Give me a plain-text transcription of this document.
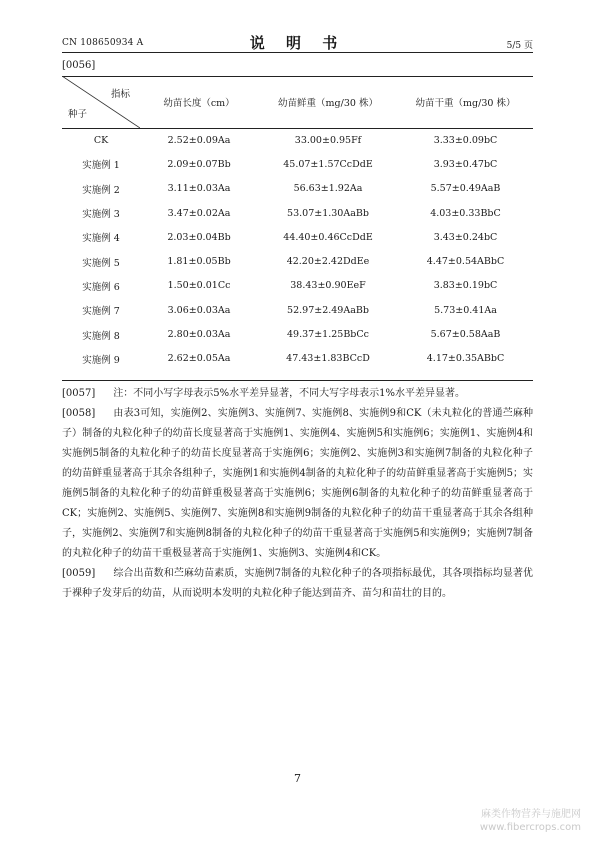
CN 108650934 A	说 明 书	5/5 页
[0056]
指标
种子	幼苗长度（cm）	幼苗鲜重（mg/30 株）	幼苗干重（mg/30 株）
CK	2.52±0.09Aa	33.00±0.95Ff	3.33±0.09bC
实施例 1	2.09±0.07Bb	45.07±1.57CcDdE	3.93±0.47bC
实施例 2	3.11±0.03Aa	56.63±1.92Aa	5.57±0.49AaB
实施例 3	3.47±0.02Aa	53.07±1.30AaBb	4.03±0.33BbC
实施例 4	2.03±0.04Bb	44.40±0.46CcDdE	3.43±0.24bC
实施例 5	1.81±0.05Bb	42.20±2.42DdEe	4.47±0.54ABbC
实施例 6	1.50±0.01Cc	38.43±0.90EeF	3.83±0.19bC
实施例 7	3.06±0.03Aa	52.97±2.49AaBb	5.73±0.41Aa
实施例 8	2.80±0.03Aa	49.37±1.25BbCc	5.67±0.58AaB
实施例 9	2.62±0.05Aa	47.43±1.83BCcD	4.17±0.35ABbC
[0057] 注：不同小写字母表示5%水平差异显著，不同大写字母表示1%水平差异显著。
[0058] 由表3可知，实施例2、实施例3、实施例7、实施例8、实施例9和CK（未丸粒化的普通苎麻种子）制备的丸粒化种子的幼苗长度显著高于实施例1、实施例4、实施例5和实施例6；实施例1、实施例4和实施例5制备的丸粒化种子的幼苗长度显著高于实施例6；实施例2、实施例3和实施例7制备的丸粒化种子的幼苗鲜重显著高于其余各组种子，实施例1和实施例4制备的丸粒化种子的幼苗鲜重显著高于实施例5；实施例5制备的丸粒化种子的幼苗鲜重极显著高于实施例6；实施例6制备的丸粒化种子的幼苗鲜重显著高于CK；实施例2、实施例5、实施例7、实施例8和实施例9制备的丸粒化种子的幼苗干重显著高于其余各组种子，实施例2、实施例7和实施例8制备的丸粒化种子的幼苗干重显著高于实施例5和实施例9；实施例7制备的丸粒化种子的幼苗干重极显著高于实施例1、实施例3、实施例4和CK。
[0059] 综合出苗数和苎麻幼苗素质，实施例7制备的丸粒化种子的各项指标最优，其各项指标均显著优于裸种子发芽后的幼苗，从而说明本发明的丸粒化种子能达到苗齐、苗匀和苗壮的目的。
7
麻类作物营养与施肥网
www.fibercrops.com
